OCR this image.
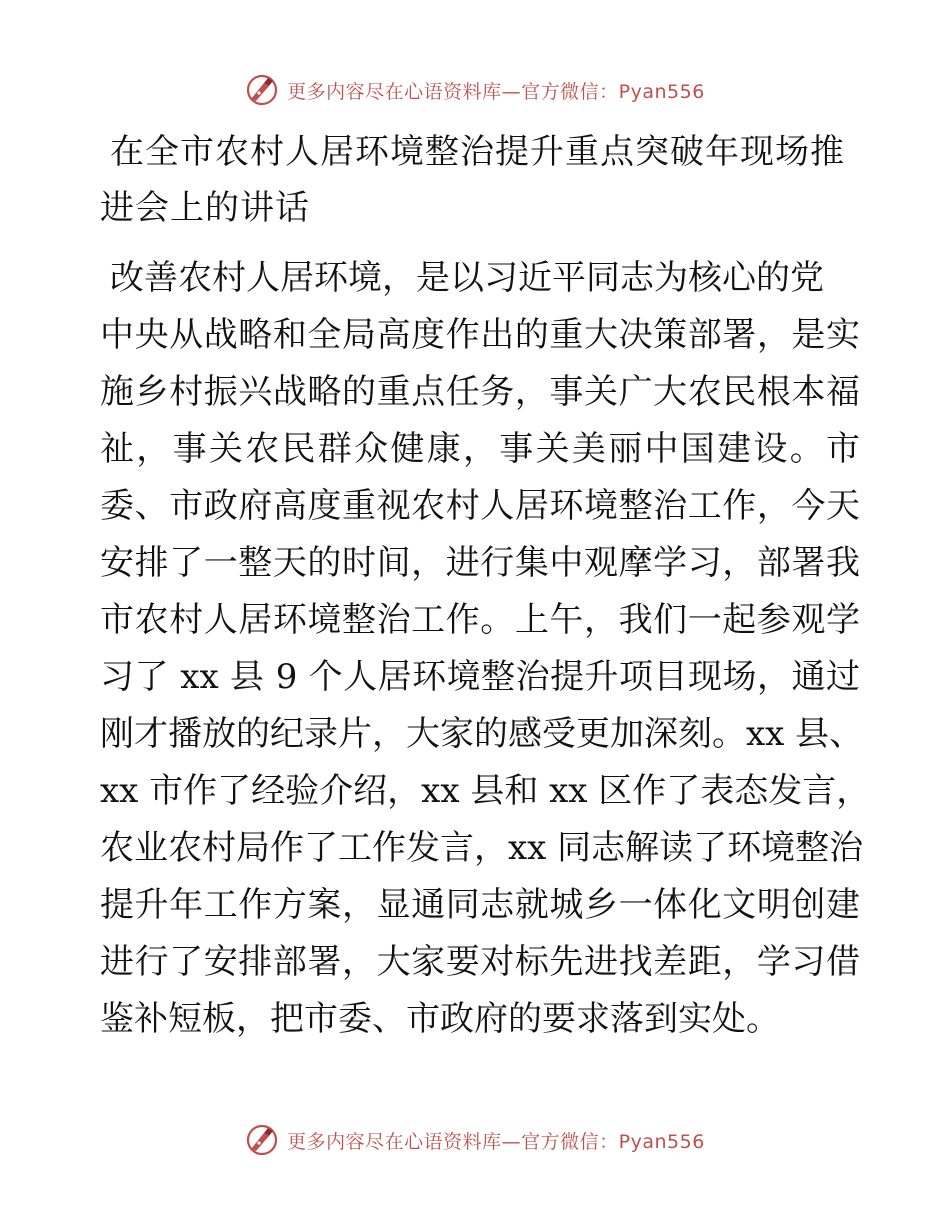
更多内容尽在心语资料库—官方微信：Pyan556
在全市农村人居环境整治提升重点突破年现场推
进会上的讲话

改善农村人居环境，是以习近平同志为核心的党
中央从战略和全局高度作出的重大决策部署，是实
施乡村振兴战略的重点任务，事关广大农民根本福
祉，事关农民群众健康，事关美丽中国建设。市
委、市政府高度重视农村人居环境整治工作，今天
安排了一整天的时间，进行集中观摩学习，部署我
市农村人居环境整治工作。上午，我们一起参观学
习了 xx 县 9 个人居环境整治提升项目现场，通过
刚才播放的纪录片，大家的感受更加深刻。xx 县、
xx 市作了经验介绍，xx 县和 xx 区作了表态发言，
农业农村局作了工作发言，xx 同志解读了环境整治
提升年工作方案，显通同志就城乡一体化文明创建
进行了安排部署，大家要对标先进找差距，学习借
鉴补短板，把市委、市政府的要求落到实处。

更多内容尽在心语资料库—官方微信：Pyan556
